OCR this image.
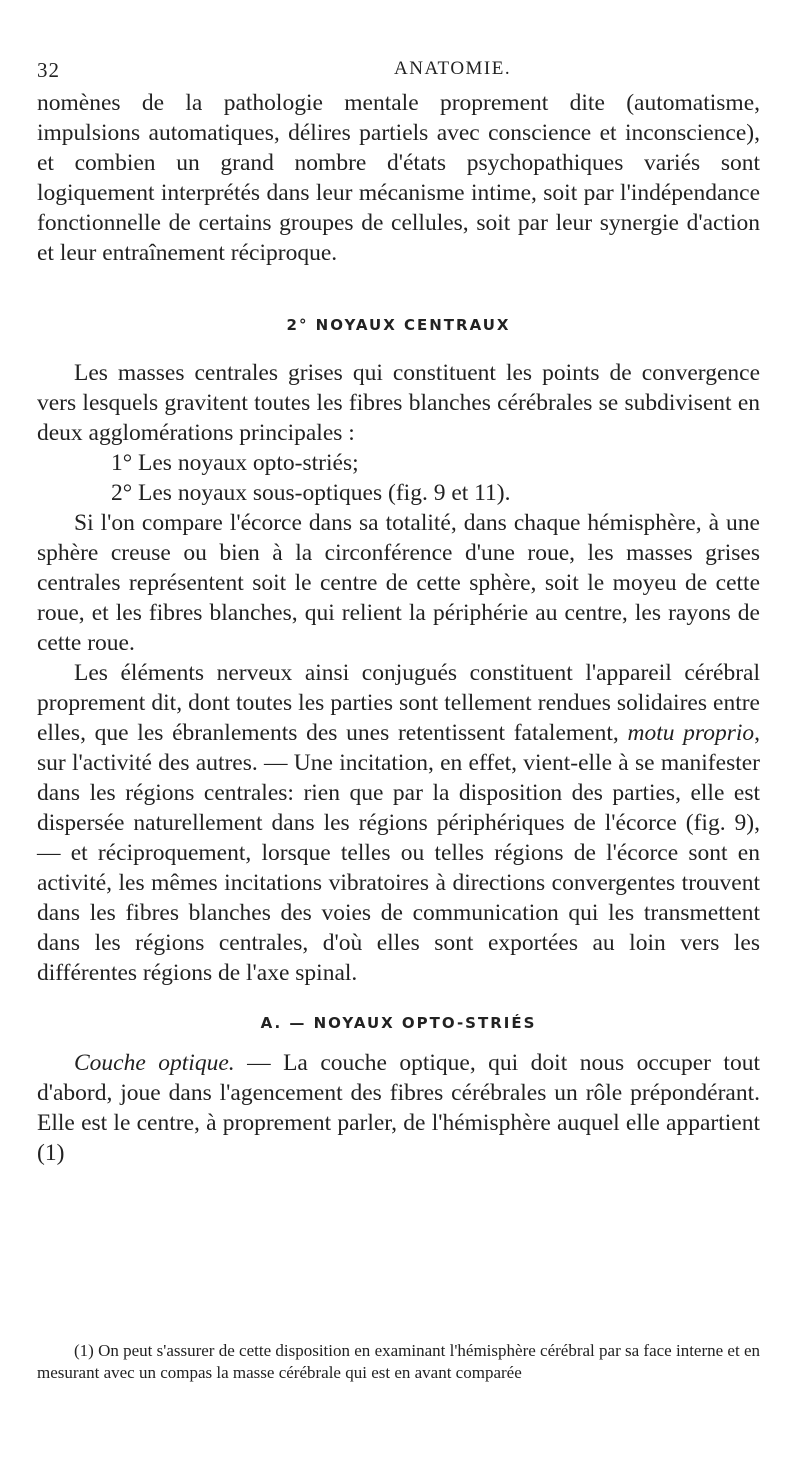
32	ANATOMIE.

nomènes de la pathologie mentale proprement dite (automatisme, impulsions automatiques, délires partiels avec conscience et inconscience), et combien un grand nombre d'états psychopathiques variés sont logiquement interprétés dans leur mécanisme intime, soit par l'indépendance fonctionnelle de certains groupes de cellules, soit par leur synergie d'action et leur entraînement réciproque.

2° NOYAUX CENTRAUX

Les masses centrales grises qui constituent les points de convergence vers lesquels gravitent toutes les fibres blanches cérébrales se subdivisent en deux agglomérations principales :

1° Les noyaux opto-striés;

2° Les noyaux sous-optiques (fig. 9 et 11).

Si l'on compare l'écorce dans sa totalité, dans chaque hémisphère, à une sphère creuse ou bien à la circonférence d'une roue, les masses grises centrales représentent soit le centre de cette sphère, soit le moyeu de cette roue, et les fibres blanches, qui relient la périphérie au centre, les rayons de cette roue.

Les éléments nerveux ainsi conjugués constituent l'appareil cérébral proprement dit, dont toutes les parties sont tellement rendues solidaires entre elles, que les ébranlements des unes retentissent fatalement, motu proprio, sur l'activité des autres. — Une incitation, en effet, vient-elle à se manifester dans les régions centrales: rien que par la disposition des parties, elle est dispersée naturellement dans les régions périphériques de l'écorce (fig. 9), — et réciproquement, lorsque telles ou telles régions de l'écorce sont en activité, les mêmes incitations vibratoires à directions convergentes trouvent dans les fibres blanches des voies de communication qui les transmettent dans les régions centrales, d'où elles sont exportées au loin vers les différentes régions de l'axe spinal.

A. — NOYAUX OPTO-STRIÉS

Couche optique. — La couche optique, qui doit nous occuper tout d'abord, joue dans l'agencement des fibres cérébrales un rôle prépondérant. Elle est le centre, à proprement parler, de l'hémisphère auquel elle appartient (1)

(1) On peut s'assurer de cette disposition en examinant l'hémisphère cérébral par sa face interne et en mesurant avec un compas la masse cérébrale qui est en avant comparée
